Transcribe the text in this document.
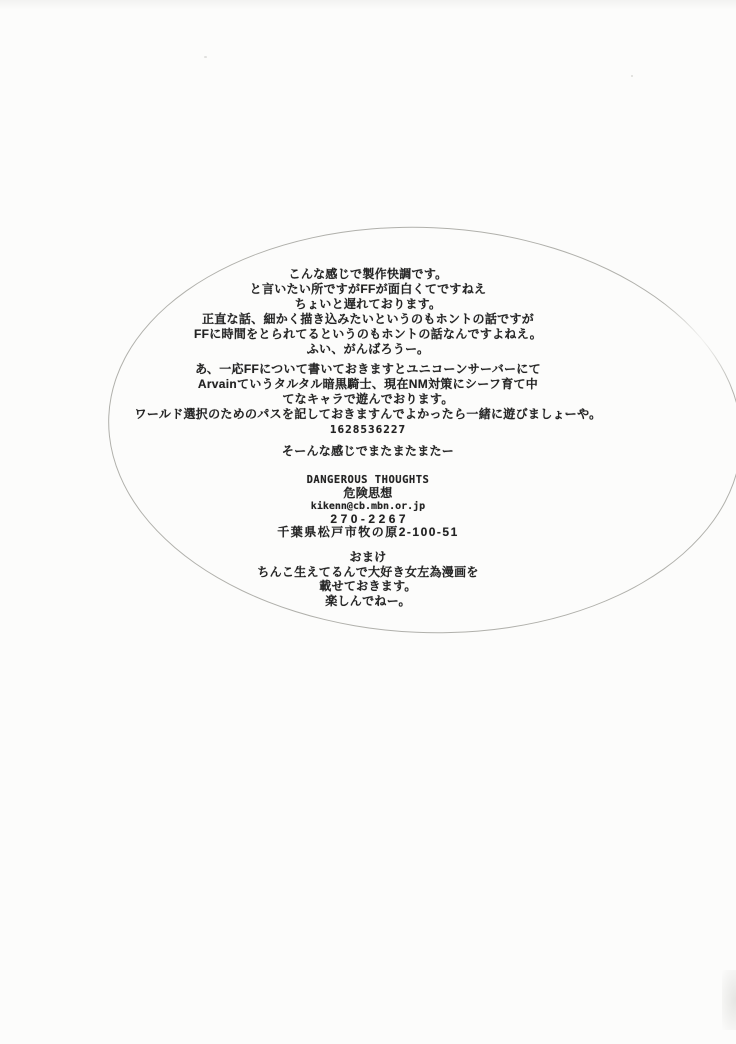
こんな感じで製作快調です。
と言いたい所ですがFFが面白くてですねえ
ちょいと遅れております。
正直な話、細かく描き込みたいというのもホントの話ですが
FFに時間をとられてるというのもホントの話なんですよねえ。
ふい、がんばろうー。
あ、一応FFについて書いておきますとユニコーンサーバーにて
Arvainていうタルタル暗黒騎士、現在NM対策にシーフ育て中
てなキャラで遊んでおります。
ワールド選択のためのパスを記しておきますんでよかったら一緒に遊びましょーや。
1628536227
そーんな感じでまたまたまたー
DANGEROUS THOUGHTS
危険思想
kikenn@cb.mbn.or.jp
270-2267
千葉県松戸市牧の原2-100-51
おまけ
ちんこ生えてるんで大好き女左為漫画を
載せておきます。
楽しんでねー。
